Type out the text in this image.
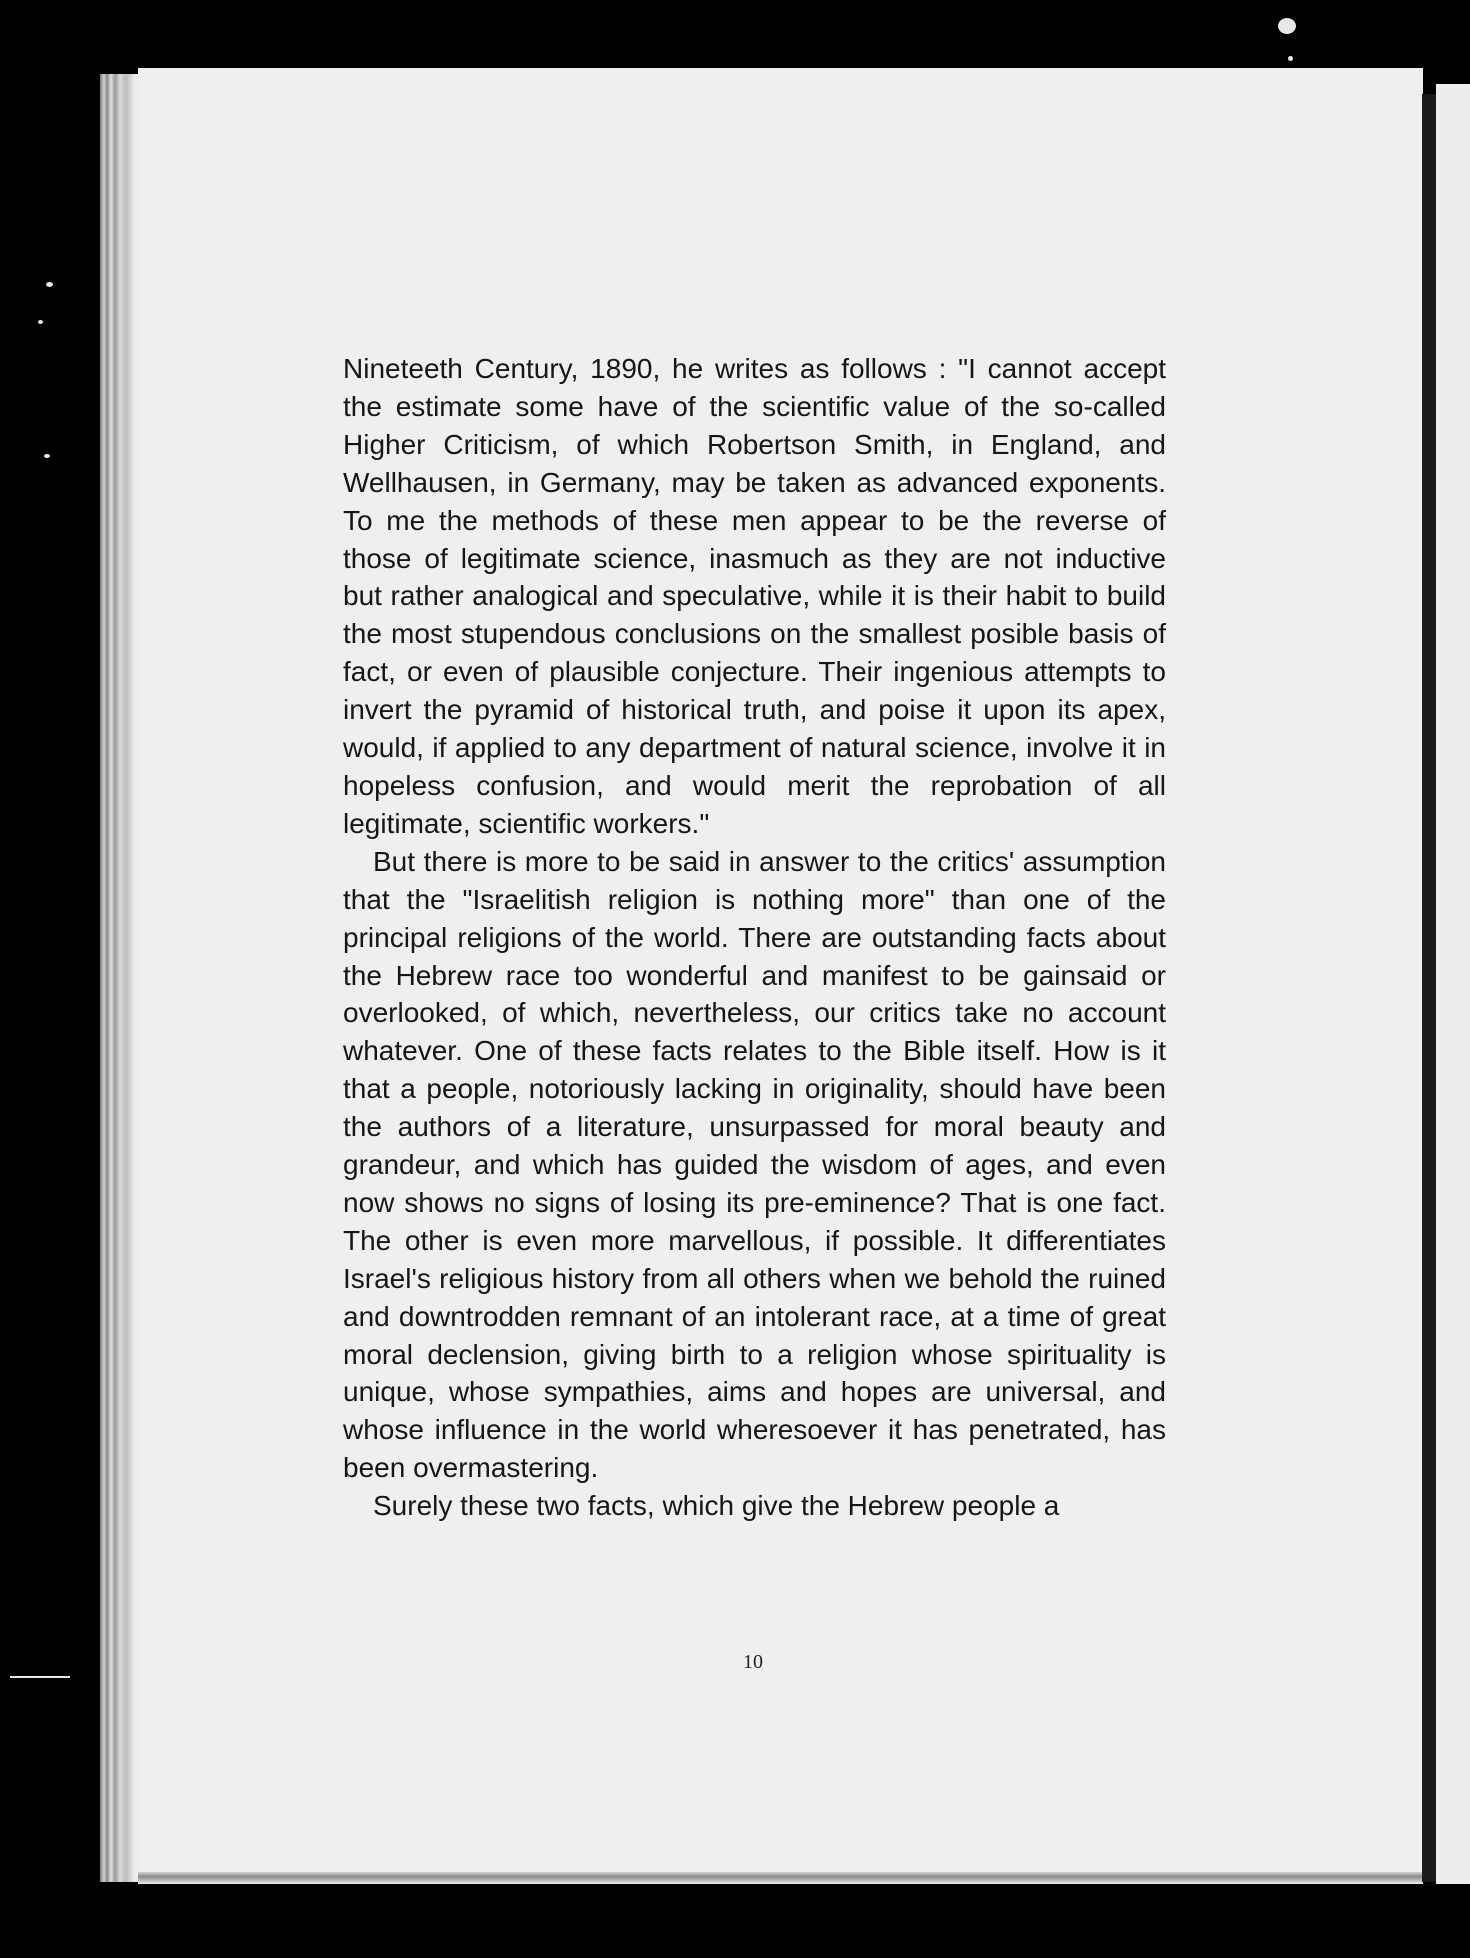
Nineteeth Century, 1890, he writes as follows : "I cannot accept the estimate some have of the scientific value of the so-called Higher Criticism, of which Robertson Smith, in England, and Wellhausen, in Germany, may be taken as advanced exponents. To me the methods of these men appear to be the reverse of those of legitimate science, inasmuch as they are not inductive but rather analogical and speculative, while it is their habit to build the most stupendous conclusions on the smallest posible basis of fact, or even of plausible conjecture. Their ingenious attempts to invert the pyramid of historical truth, and poise it upon its apex, would, if applied to any department of natural science, involve it in hopeless confusion, and would merit the reprobation of all legitimate, scientific workers."

But there is more to be said in answer to the critics' assumption that the "Israelitish religion is nothing more" than one of the principal religions of the world. There are outstanding facts about the Hebrew race too wonderful and manifest to be gainsaid or overlooked, of which, nevertheless, our critics take no account whatever. One of these facts relates to the Bible itself. How is it that a people, notoriously lacking in originality, should have been the authors of a literature, unsurpassed for moral beauty and grandeur, and which has guided the wisdom of ages, and even now shows no signs of losing its pre-eminence? That is one fact. The other is even more marvellous, if possible. It differentiates Israel's religious history from all others when we behold the ruined and downtrodden remnant of an intolerant race, at a time of great moral declension, giving birth to a religion whose spirituality is unique, whose sympathies, aims and hopes are universal, and whose influence in the world wheresoever it has penetrated, has been overmastering.

Surely these two facts, which give the Hebrew people a

10
